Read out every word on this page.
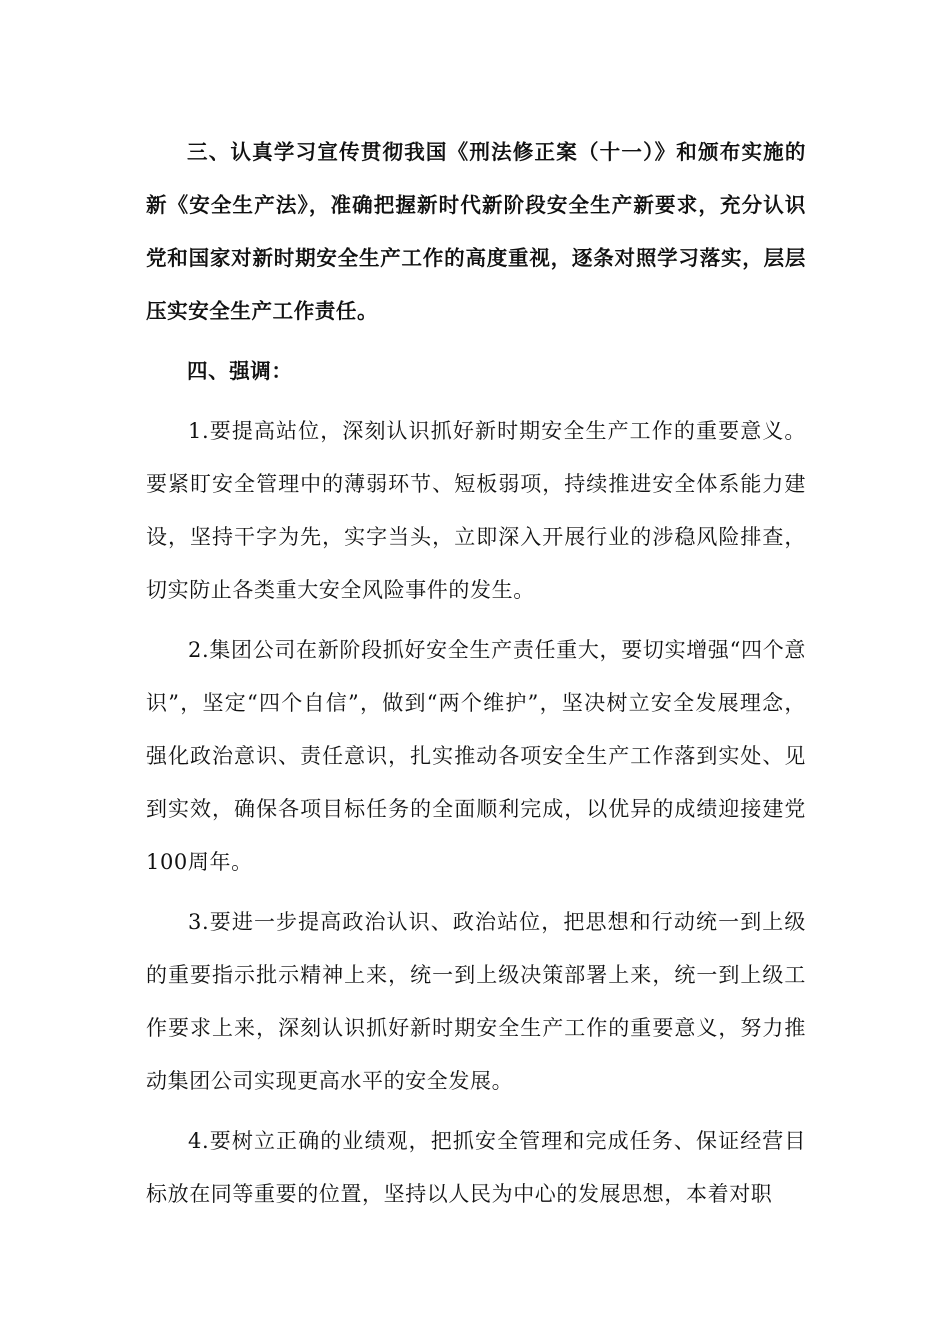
三、认真学习宣传贯彻我国《刑法修正案（十一）》和颁布实施的新《安全生产法》，准确把握新时代新阶段安全生产新要求，充分认识党和国家对新时期安全生产工作的高度重视，逐条对照学习落实，层层压实安全生产工作责任。

四、强调：

1.要提高站位，深刻认识抓好新时期安全生产工作的重要意义。要紧盯安全管理中的薄弱环节、短板弱项，持续推进安全体系能力建设，坚持干字为先，实字当头，立即深入开展行业的涉稳风险排查，切实防止各类重大安全风险事件的发生。

2.集团公司在新阶段抓好安全生产责任重大，要切实增强“四个意识”，坚定“四个自信”，做到“两个维护”，坚决树立安全发展理念，强化政治意识、责任意识，扎实推动各项安全生产工作落到实处、见到实效，确保各项目标任务的全面顺利完成，以优异的成绩迎接建党100周年。

3.要进一步提高政治认识、政治站位，把思想和行动统一到上级的重要指示批示精神上来，统一到上级决策部署上来，统一到上级工作要求上来，深刻认识抓好新时期安全生产工作的重要意义，努力推动集团公司实现更高水平的安全发展。

4.要树立正确的业绩观，把抓安全管理和完成任务、保证经营目标放在同等重要的位置，坚持以人民为中心的发展思想，本着对职
